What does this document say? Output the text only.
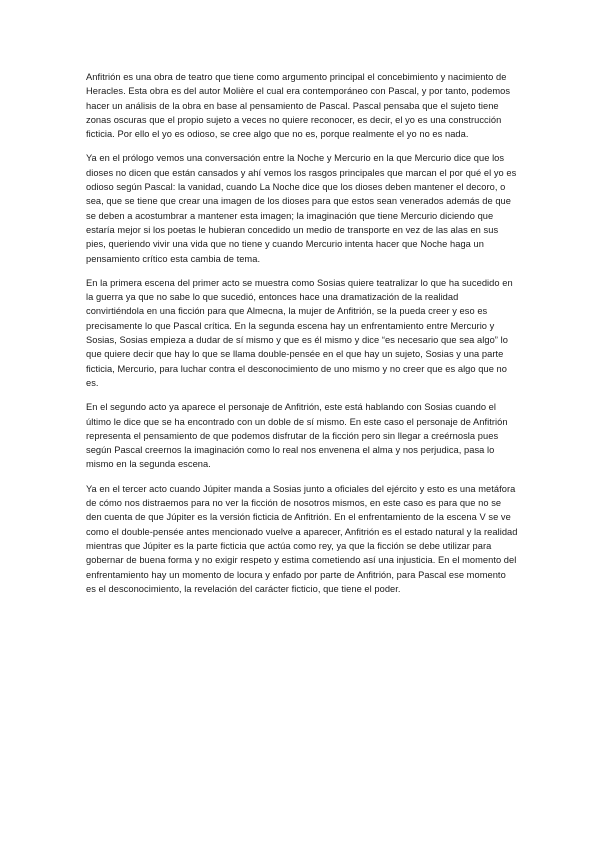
Anfitrión es una obra de teatro que tiene como argumento principal el concebimiento y nacimiento de Heracles. Esta obra es del autor Molière el cual era contemporáneo con Pascal, y por tanto, podemos hacer un análisis de la obra en base al pensamiento de Pascal. Pascal pensaba que el sujeto tiene zonas oscuras que el propio sujeto a veces no quiere reconocer, es decir, el yo es una construcción ficticia. Por ello el yo es odioso, se cree algo que no es, porque realmente el yo no es nada.

Ya en el prólogo vemos una conversación entre la Noche y Mercurio en la que Mercurio dice que los dioses no dicen que están cansados y ahí vemos los rasgos principales que marcan el por qué el yo es odioso según Pascal: la vanidad, cuando La Noche dice que los dioses deben mantener el decoro, o sea, que se tiene que crear una imagen de los dioses para que estos sean venerados además de que se deben a acostumbrar a mantener esta imagen; la imaginación que tiene Mercurio diciendo que estaría mejor si los poetas le hubieran concedido un medio de transporte en vez de las alas en sus pies, queriendo vivir una vida que no tiene y cuando Mercurio intenta hacer que Noche haga un pensamiento crítico esta cambia de tema.

En la primera escena del primer acto se muestra como Sosias quiere teatralizar lo que ha sucedido en la guerra ya que no sabe lo que sucedió, entonces hace una dramatización de la realidad convirtiéndola en una ficción para que Almecna, la mujer de Anfitrión, se la pueda creer y eso es precisamente lo que Pascal crítica. En la segunda escena hay un enfrentamiento entre Mercurio y Sosias, Sosias empieza a dudar de sí mismo y que es él mismo y dice “es necesario que sea algo” lo que quiere decir que hay lo que se llama double-pensée en el que hay un sujeto, Sosias y una parte ficticia, Mercurio, para luchar contra el desconocimiento de uno mismo y no creer que es algo que no es.

En el segundo acto ya aparece el personaje de Anfitrión, este está hablando con Sosias cuando el último le dice que se ha encontrado con un doble de sí mismo. En este caso el personaje de Anfitrión representa el pensamiento de que podemos disfrutar de la ficción pero sin llegar a creérnosla pues según Pascal creernos la imaginación como lo real nos envenena el alma y nos perjudica, pasa lo mismo en la segunda escena.

Ya en el tercer acto cuando Júpiter manda a Sosias junto a oficiales del ejército y esto es una metáfora de cómo nos distraemos para no ver la ficción de nosotros mismos, en este caso es para que no se den cuenta de que Júpiter es la versión ficticia de Anfitrión. En el enfrentamiento de la escena V se ve como el double-pensée antes mencionado vuelve a aparecer, Anfitrión es el estado natural y la realidad mientras que Júpiter es la parte ficticia que actúa como rey, ya que la ficción se debe utilizar para gobernar de buena forma y no exigir respeto y estima cometiendo así una injusticia. En el momento del enfrentamiento hay un momento de locura y enfado por parte de Anfitrión, para Pascal ese momento es el desconocimiento, la revelación del carácter ficticio, que tiene el poder.
